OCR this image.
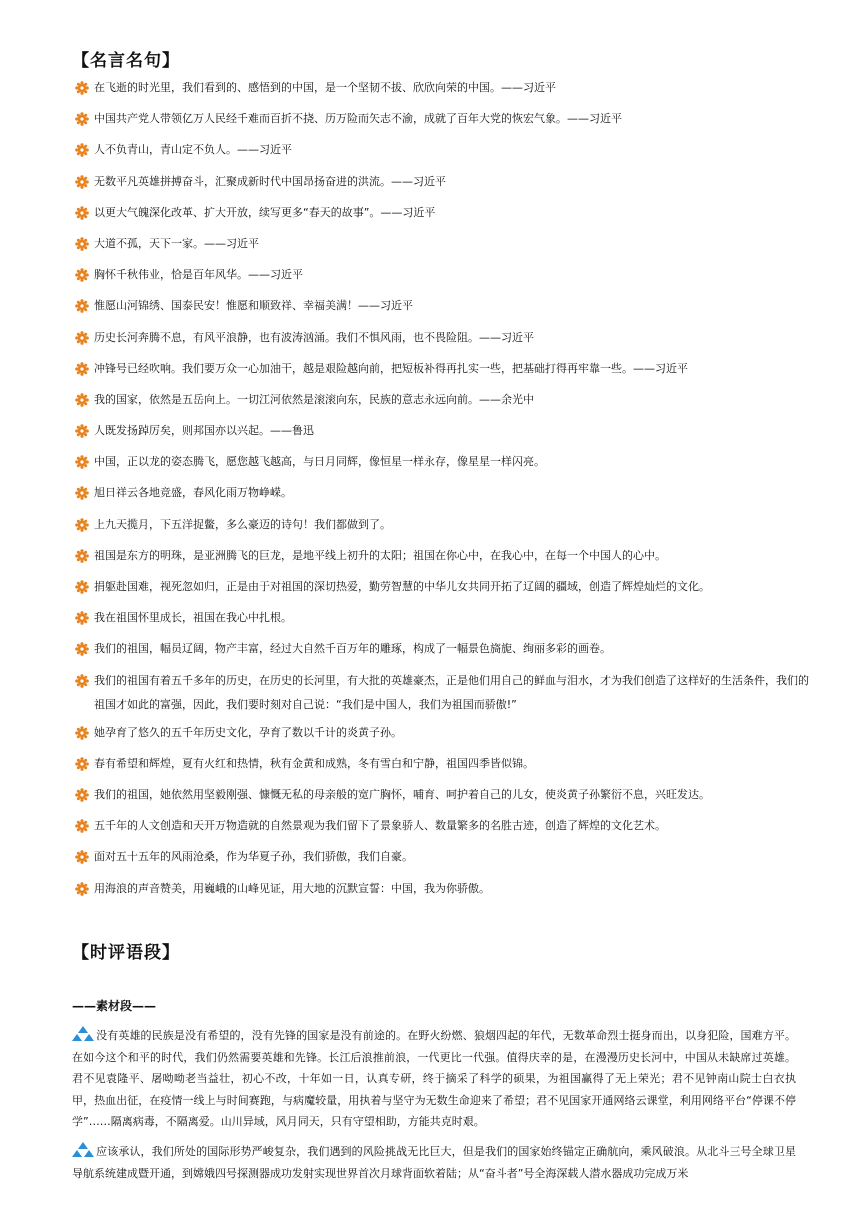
【名言名句】
在飞逝的时光里，我们看到的、感悟到的中国，是一个坚韧不拔、欣欣向荣的中国。——习近平
中国共产党人带领亿万人民经千难而百折不挠、历万险而矢志不渝，成就了百年大党的恢宏气象。——习近平
人不负青山，青山定不负人。——习近平
无数平凡英雄拼搏奋斗，汇聚成新时代中国昂扬奋进的洪流。——习近平
以更大气魄深化改革、扩大开放，续写更多“春天的故事”。——习近平
大道不孤，天下一家。——习近平
胸怀千秋伟业，恰是百年风华。——习近平
惟愿山河锦绣、国泰民安！惟愿和顺致祥、幸福美满！——习近平
历史长河奔腾不息，有风平浪静，也有波涛汹涌。我们不惧风雨，也不畏险阻。——习近平
冲锋号已经吹响。我们要万众一心加油干，越是艰险越向前，把短板补得再扎实一些，把基础打得再牢靠一些。——习近平
我的国家，依然是五岳向上。一切江河依然是滚滚向东，民族的意志永远向前。——余光中
人既发扬踔厉矣，则邦国亦以兴起。——鲁迅
中国，正以龙的姿态腾飞，愿您越飞越高，与日月同辉，像恒星一样永存，像星星一样闪亮。
旭日祥云各地竞盛，春风化雨万物峥嵘。
上九天揽月，下五洋捉鳖，多么豪迈的诗句！我们都做到了。
祖国是东方的明珠，是亚洲腾飞的巨龙，是地平线上初升的太阳；祖国在你心中，在我心中，在每一个中国人的心中。
捐躯赴国难，视死忽如归，正是由于对祖国的深切热爱，勤劳智慧的中华儿女共同开拓了辽阔的疆域，创造了辉煌灿烂的文化。
我在祖国怀里成长，祖国在我心中扎根。
我们的祖国，幅员辽阔，物产丰富，经过大自然千百万年的雕琢，构成了一幅景色旖旎、绚丽多彩的画卷。
我们的祖国有着五千多年的历史，在历史的长河里，有大批的英雄豪杰，正是他们用自己的鲜血与泪水，才为我们创造了这样好的生活条件，我们的祖国才如此的富强，因此，我们要时刻对自己说：“我们是中国人，我们为祖国而骄傲!”
她孕育了悠久的五千年历史文化，孕育了数以千计的炎黄子孙。
春有希望和辉煌，夏有火红和热情，秋有金黄和成熟，冬有雪白和宁静，祖国四季皆似锦。
我们的祖国，她依然用坚毅刚强、慷慨无私的母亲般的宽广胸怀，哺育、呵护着自己的儿女，使炎黄子孙繁衍不息，兴旺发达。
五千年的人文创造和天开万物造就的自然景观为我们留下了景象骄人、数量繁多的名胜古迹，创造了辉煌的文化艺术。
面对五十五年的风雨沧桑，作为华夏子孙，我们骄傲，我们自豪。
用海浪的声音赞美，用巍峨的山峰见证，用大地的沉默宣誓：中国，我为你骄傲。
【时评语段】
——素材段——
没有英雄的民族是没有希望的，没有先锋的国家是没有前途的。在野火纷燃、狼烟四起的年代，无数革命烈士挺身而出，以身犯险，国难方平。在如今这个和平的时代，我们仍然需要英雄和先锋。长江后浪推前浪，一代更比一代强。值得庆幸的是，在漫漫历史长河中，中国从未缺席过英雄。君不见袁隆平、屠呦呦老当益壮，初心不改，十年如一日，认真专研，终于摘采了科学的硕果，为祖国赢得了无上荣光；君不见钟南山院士白衣执甲，热血出征，在疫情一线上与时间赛跑，与病魔较量，用执着与坚守为无数生命迎来了希望；君不见国家开通网络云课堂，利用网络平台“停课不停学”……隔离病毒，不隔离爱。山川异域，风月同天，只有守望相助，方能共克时艰。
应该承认，我们所处的国际形势严峻复杂，我们遇到的风险挑战无比巨大，但是我们的国家始终锚定正确航向，乘风破浪。从北斗三号全球卫星导航系统建成暨开通，到嫦娥四号探测器成功发射实现世界首次月球背面软着陆；从“奋斗者”号全海深载人潜水器成功完成万米
